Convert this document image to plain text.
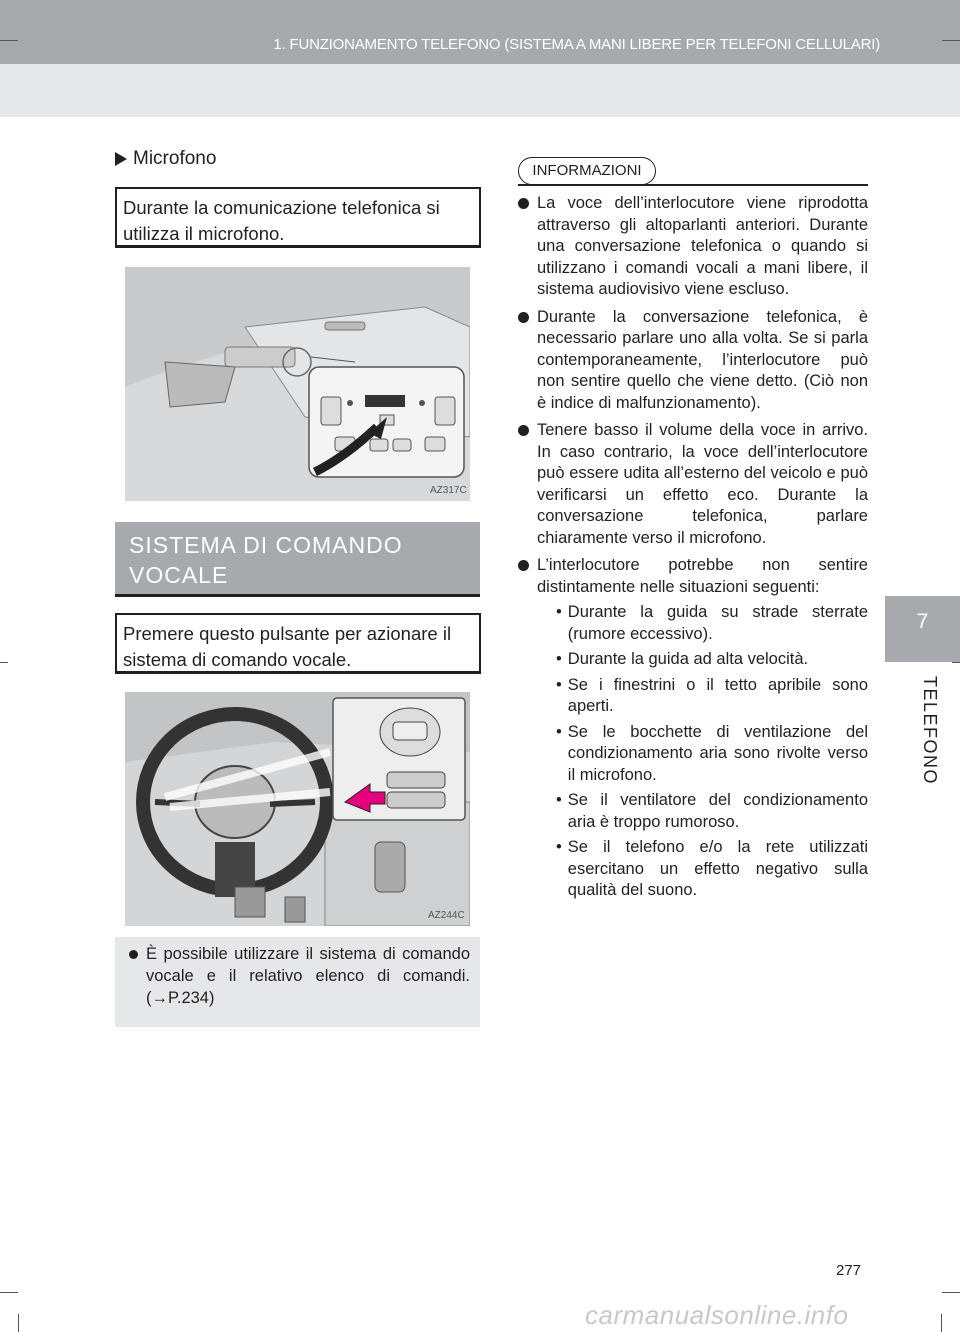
1. FUNZIONAMENTO TELEFONO (SISTEMA A MANI LIBERE PER TELEFONI CELLULARI)
7
TELEFONO
Microfono
Durante la comunicazione telefonica si utilizza il microfono.
AZ317C
SISTEMA DI COMANDO VOCALE
Premere questo pulsante per azionare il sistema di comando vocale.
AZ244C
È possibile utilizzare il sistema di comando vocale e il relativo elenco di comandi. (→P.234)
INFORMAZIONI
La voce dell’interlocutore viene riprodotta attraverso gli altoparlanti anteriori. Durante una conversazione telefonica o quando si utilizzano i comandi vocali a mani libere, il sistema audiovisivo viene escluso.
Durante la conversazione telefonica, è necessario parlare uno alla volta. Se si parla contemporaneamente, l’interlocutore può non sentire quello che viene detto. (Ciò non è indice di malfunzionamento).
Tenere basso il volume della voce in arrivo. In caso contrario, la voce dell’interlocutore può essere udita all’esterno del veicolo e può verificarsi un effetto eco. Durante la conversazione telefonica, parlare chiaramente verso il microfono.
L’interlocutore potrebbe non sentire distintamente nelle situazioni seguenti:
• Durante la guida su strade sterrate (rumore eccessivo).
• Durante la guida ad alta velocità.
• Se i finestrini o il tetto apribile sono aperti.
• Se le bocchette di ventilazione del condizionamento aria sono rivolte verso il microfono.
• Se il ventilatore del condizionamento aria è troppo rumoroso.
• Se il telefono e/o la rete utilizzati esercitano un effetto negativo sulla qualità del suono.
277
carmanualsonline.info
